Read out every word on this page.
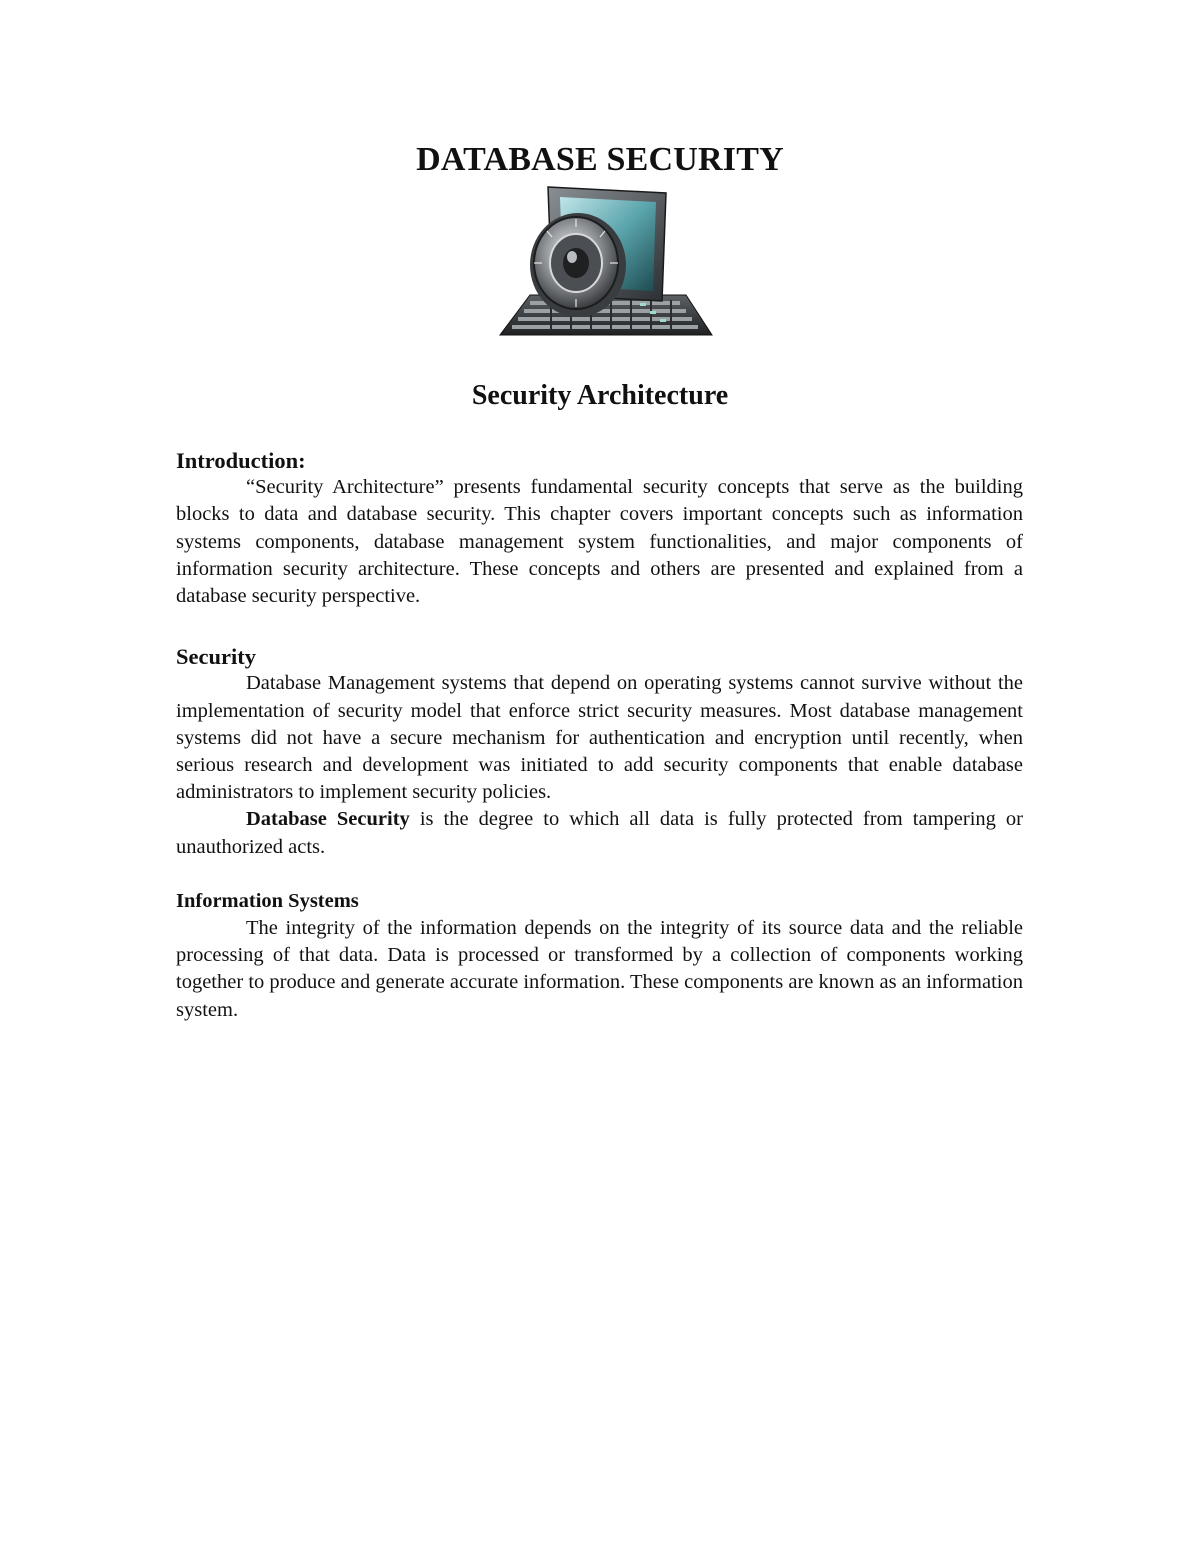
DATABASE SECURITY
Security Architecture

Introduction:

“Security Architecture” presents fundamental security concepts that serve as the building blocks to data and database security. This chapter covers important concepts such as information systems components, database management system functionalities, and major components of information security architecture. These concepts and others are presented and explained from a database security perspective.

Security

Database Management systems that depend on operating systems cannot survive without the implementation of security model that enforce strict security measures. Most database management systems did not have a secure mechanism for authentication and encryption until recently, when serious research and development was initiated to add security components that enable database administrators to implement security policies.

Database Security is the degree to which all data is fully protected from tampering or unauthorized acts.

Information Systems

The integrity of the information depends on the integrity of its source data and the reliable processing of that data. Data is processed or transformed by a collection of components working together to produce and generate accurate information. These components are known as an information system.
